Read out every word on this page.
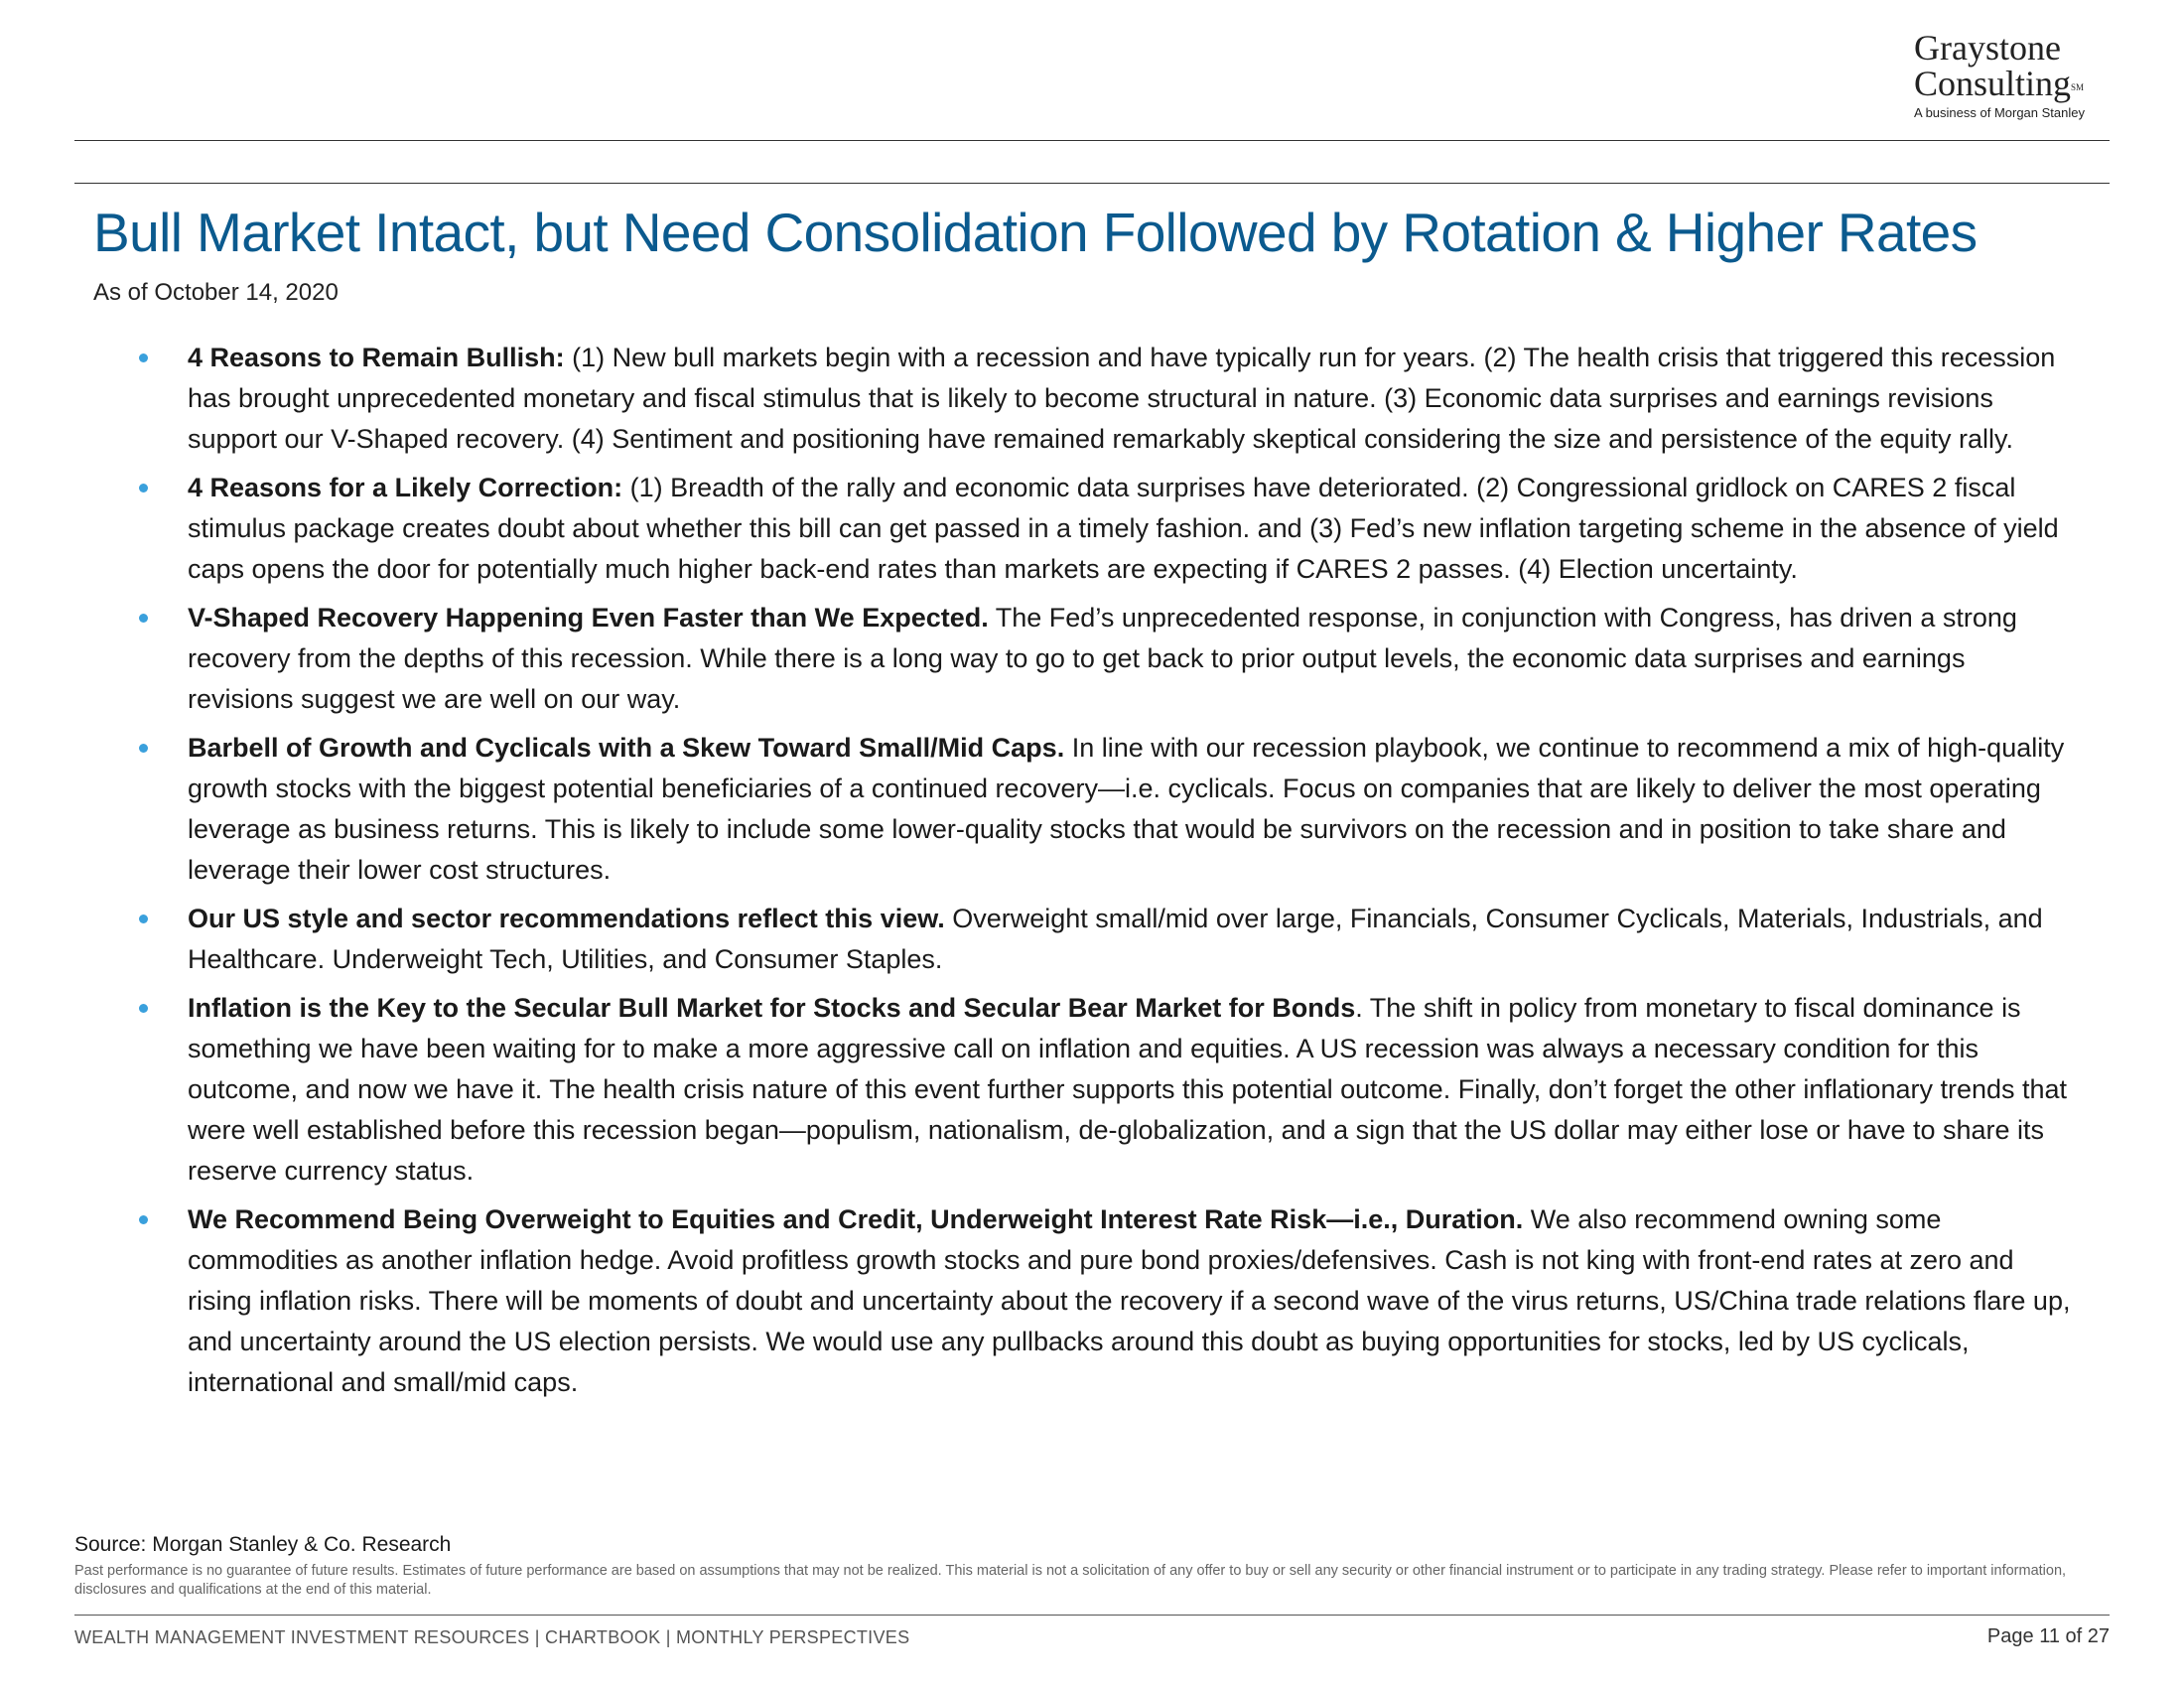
Graystone
Consulting℠
A business of Morgan Stanley
Bull Market Intact, but Need Consolidation Followed by Rotation & Higher Rates
As of October 14, 2020
4 Reasons to Remain Bullish: (1) New bull markets begin with a recession and have typically run for years. (2) The health crisis that triggered this recession has brought unprecedented monetary and fiscal stimulus that is likely to become structural in nature. (3) Economic data surprises and earnings revisions support our V-Shaped recovery. (4) Sentiment and positioning have remained remarkably skeptical considering the size and persistence of the equity rally.
4 Reasons for a Likely Correction: (1) Breadth of the rally and economic data surprises have deteriorated. (2) Congressional gridlock on CARES 2 fiscal stimulus package creates doubt about whether this bill can get passed in a timely fashion. and (3) Fed’s new inflation targeting scheme in the absence of yield caps opens the door for potentially much higher back-end rates than markets are expecting if CARES 2 passes. (4) Election uncertainty.
V-Shaped Recovery Happening Even Faster than We Expected. The Fed’s unprecedented response, in conjunction with Congress, has driven a strong recovery from the depths of this recession. While there is a long way to go to get back to prior output levels, the economic data surprises and earnings revisions suggest we are well on our way.
Barbell of Growth and Cyclicals with a Skew Toward Small/Mid Caps. In line with our recession playbook, we continue to recommend a mix of high-quality growth stocks with the biggest potential beneficiaries of a continued recovery—i.e. cyclicals. Focus on companies that are likely to deliver the most operating leverage as business returns. This is likely to include some lower-quality stocks that would be survivors on the recession and in position to take share and leverage their lower cost structures.
Our US style and sector recommendations reflect this view. Overweight small/mid over large, Financials, Consumer Cyclicals, Materials, Industrials, and Healthcare. Underweight Tech, Utilities, and Consumer Staples.
Inflation is the Key to the Secular Bull Market for Stocks and Secular Bear Market for Bonds. The shift in policy from monetary to fiscal dominance is something we have been waiting for to make a more aggressive call on inflation and equities. A US recession was always a necessary condition for this outcome, and now we have it. The health crisis nature of this event further supports this potential outcome. Finally, don’t forget the other inflationary trends that were well established before this recession began—populism, nationalism, de-globalization, and a sign that the US dollar may either lose or have to share its reserve currency status.
We Recommend Being Overweight to Equities and Credit, Underweight Interest Rate Risk—i.e., Duration. We also recommend owning some commodities as another inflation hedge. Avoid profitless growth stocks and pure bond proxies/defensives. Cash is not king with front-end rates at zero and rising inflation risks. There will be moments of doubt and uncertainty about the recovery if a second wave of the virus returns, US/China trade relations flare up, and uncertainty around the US election persists. We would use any pullbacks around this doubt as buying opportunities for stocks, led by US cyclicals, international and small/mid caps.
Source: Morgan Stanley & Co. Research
Past performance is no guarantee of future results. Estimates of future performance are based on assumptions that may not be realized. This material is not a solicitation of any offer to buy or sell any security or other financial instrument or to participate in any trading strategy. Please refer to important information, disclosures and qualifications at the end of this material.
WEALTH MANAGEMENT INVESTMENT RESOURCES | CHARTBOOK | MONTHLY PERSPECTIVES	Page 11 of 27
